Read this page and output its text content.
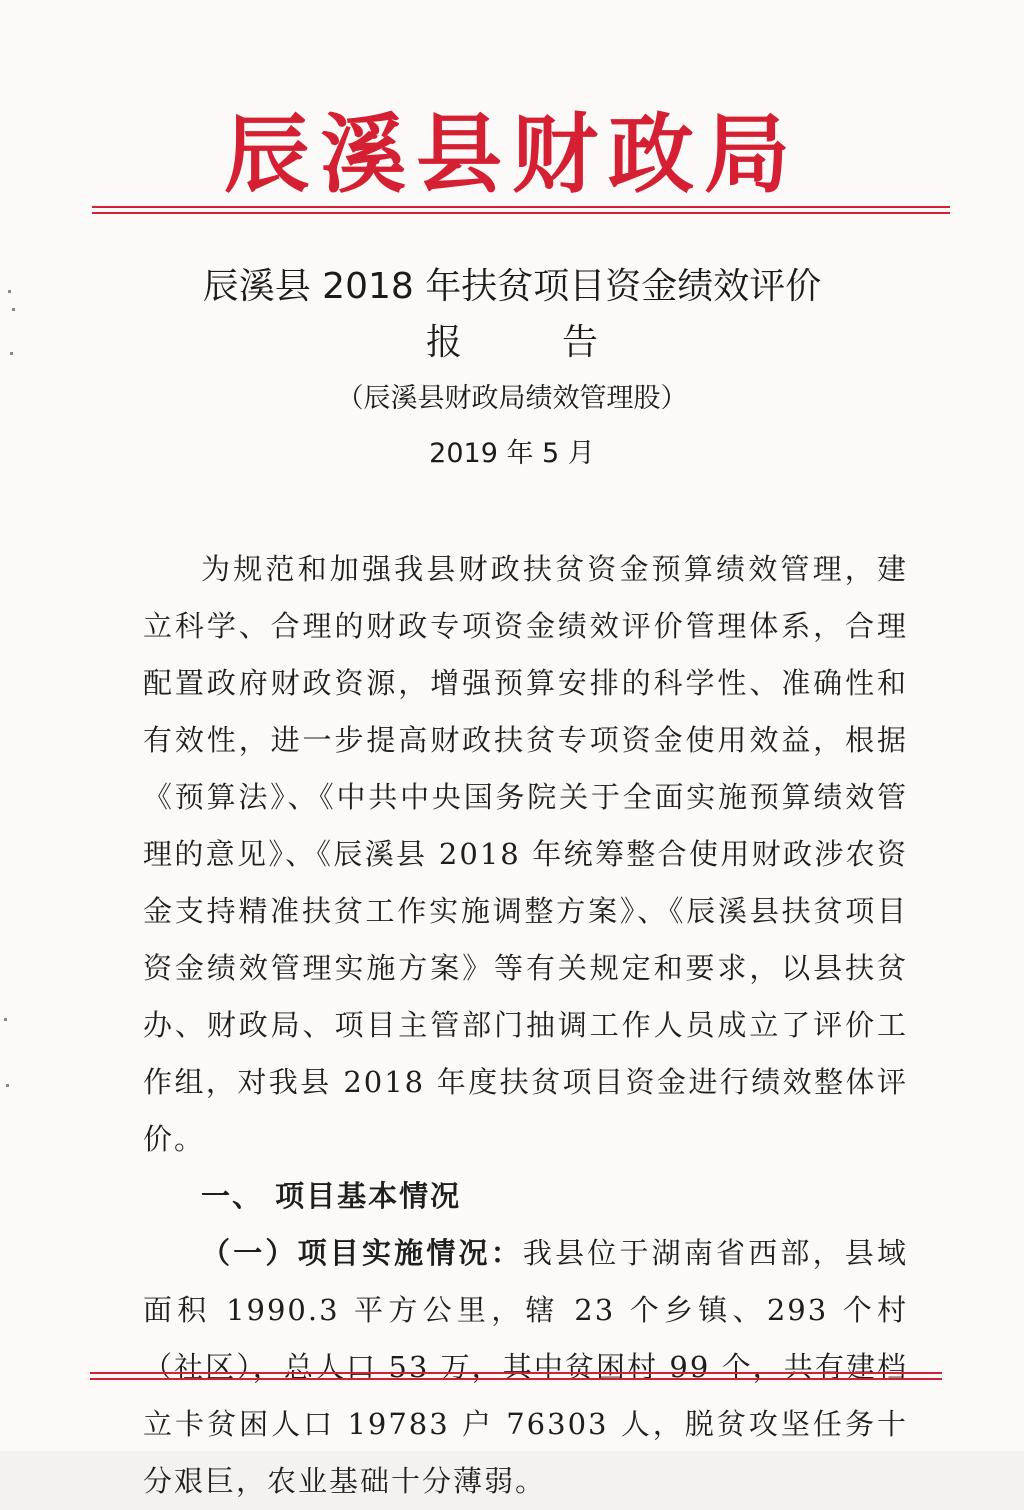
辰溪县财政局
辰溪县 2018 年扶贫项目资金绩效评价
报告
（辰溪县财政局绩效管理股）
2019 年 5 月

为规范和加强我县财政扶贫资金预算绩效管理，建立科学、合理的财政专项资金绩效评价管理体系，合理配置政府财政资源，增强预算安排的科学性、准确性和有效性，进一步提高财政扶贫专项资金使用效益，根据《预算法》、《中共中央国务院关于全面实施预算绩效管理的意见》、《辰溪县 2018 年统筹整合使用财政涉农资金支持精准扶贫工作实施调整方案》、《辰溪县扶贫项目资金绩效管理实施方案》等有关规定和要求，以县扶贫办、财政局、项目主管部门抽调工作人员成立了评价工作组，对我县 2018 年度扶贫项目资金进行绩效整体评价。

一、 项目基本情况

（一）项目实施情况：我县位于湖南省西部，县域面积 1990.3 平方公里，辖 23 个乡镇、293 个村（社区），总人口 53 万，其中贫困村 99 个，共有建档立卡贫困人口 19783 户 76303 人，脱贫攻坚任务十分艰巨，农业基础十分薄弱。
